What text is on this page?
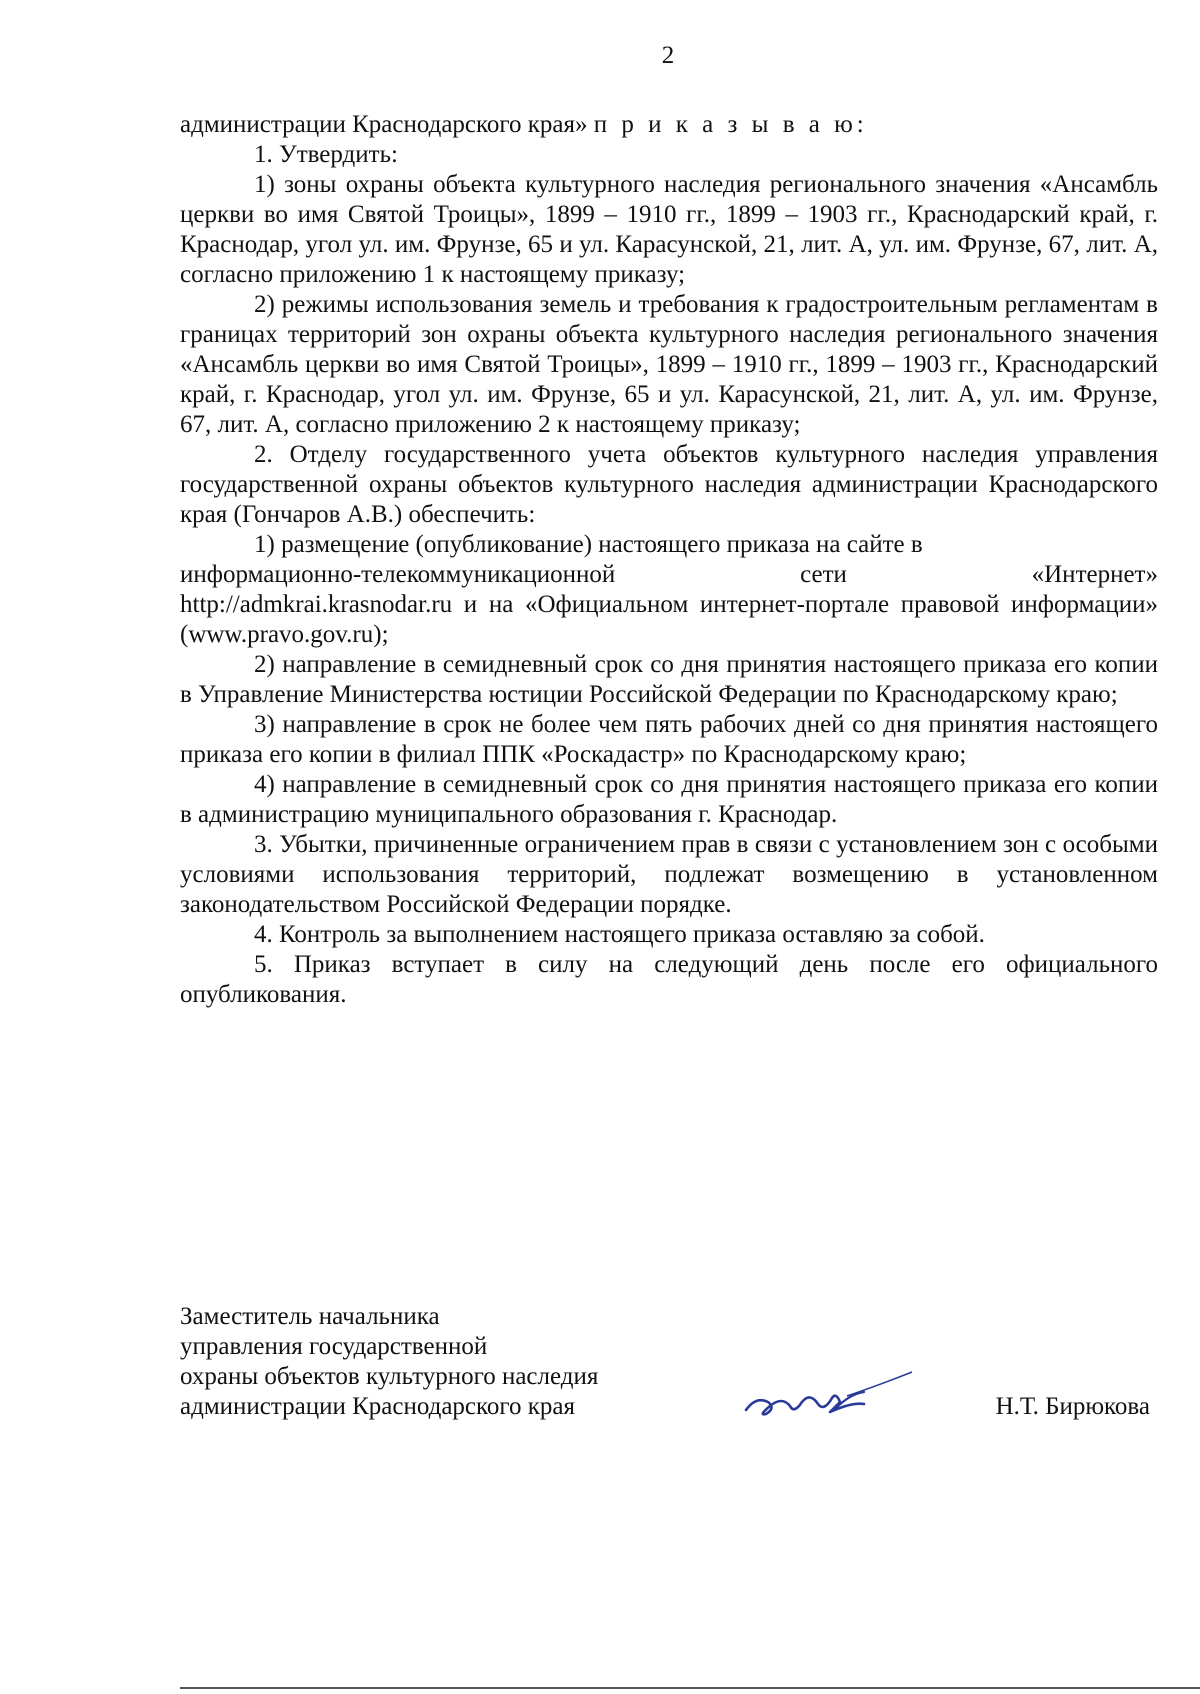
2

администрации Краснодарского края» п р и к а з ы в а ю:

1. Утвердить:

1) зоны охраны объекта культурного наследия регионального значения «Ансамбль церкви во имя Святой Троицы», 1899 – 1910 гг., 1899 – 1903 гг., Краснодарский край, г. Краснодар, угол ул. им. Фрунзе, 65 и ул. Карасунской, 21, лит. А, ул. им. Фрунзе, 67, лит. А, согласно приложению 1 к настоящему приказу;

2) режимы использования земель и требования к градостроительным регламентам в границах территорий зон охраны объекта культурного наследия регионального значения «Ансамбль церкви во имя Святой Троицы», 1899 – 1910 гг., 1899 – 1903 гг., Краснодарский край, г. Краснодар, угол ул. им. Фрунзе, 65 и ул. Карасунской, 21, лит. А, ул. им. Фрунзе, 67, лит. А, согласно приложению 2 к настоящему приказу;

2. Отделу государственного учета объектов культурного наследия управления государственной охраны объектов культурного наследия администрации Краснодарского края (Гончаров А.В.) обеспечить:

1) размещение (опубликование) настоящего приказа на сайте в
информационно-телекоммуникационной сети «Интернет»
http://admkrai.krasnodar.ru и на «Официальном интернет-портале правовой информации» (www.pravo.gov.ru);

2) направление в семидневный срок со дня принятия настоящего приказа его копии в Управление Министерства юстиции Российской Федерации по Краснодарскому краю;

3) направление в срок не более чем пять рабочих дней со дня принятия настоящего приказа его копии в филиал ППК «Роскадастр» по Краснодарскому краю;

4) направление в семидневный срок со дня принятия настоящего приказа его копии в администрацию муниципального образования г. Краснодар.

3. Убытки, причиненные ограничением прав в связи с установлением зон с особыми условиями использования территорий, подлежат возмещению в установленном законодательством Российской Федерации порядке.

4. Контроль за выполнением настоящего приказа оставляю за собой.

5. Приказ вступает в силу на следующий день после его официального опубликования.

Заместитель начальника
управления государственной
охраны объектов культурного наследия
администрации Краснодарского края	Н.Т. Бирюкова
